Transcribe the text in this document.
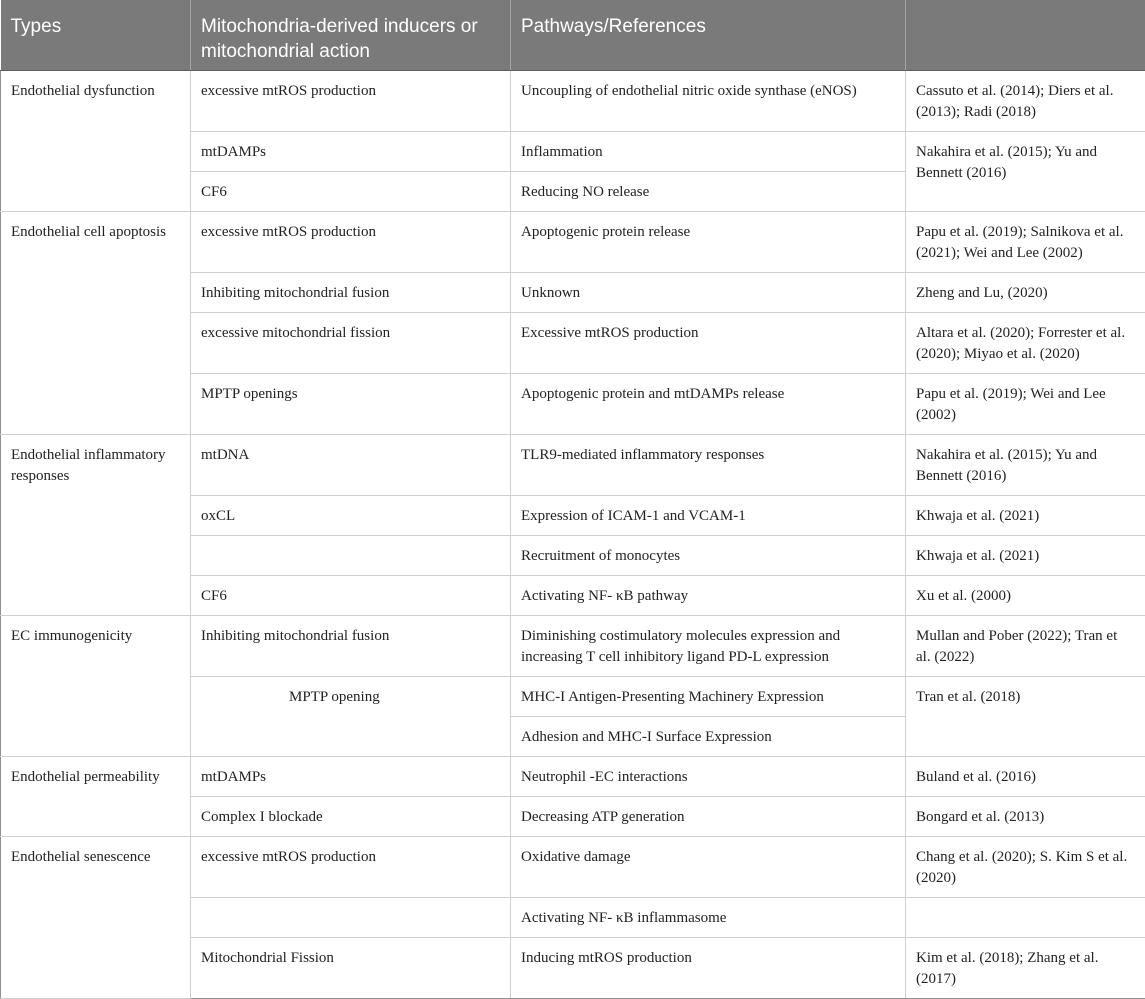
Types	Mitochondria-derived inducers or mitochondrial action	Pathways/References	
Endothelial dysfunction	excessive mtROS production	Uncoupling of endothelial nitric oxide synthase (eNOS)	Cassuto et al. (2014); Diers et al. (2013); Radi (2018)
	mtDAMPs	Inflammation	Nakahira et al. (2015); Yu and Bennett (2016)
	CF6	Reducing NO release	
Endothelial cell apoptosis	excessive mtROS production	Apoptogenic protein release	Papu et al. (2019); Salnikova et al. (2021); Wei and Lee (2002)
	Inhibiting mitochondrial fusion	Unknown	Zheng and Lu, (2020)
	excessive mitochondrial fission	Excessive mtROS production	Altara et al. (2020); Forrester et al. (2020); Miyao et al. (2020)
	MPTP openings	Apoptogenic protein and mtDAMPs release	Papu et al. (2019); Wei and Lee (2002)
Endothelial inflammatory responses	mtDNA	TLR9-mediated inflammatory responses	Nakahira et al. (2015); Yu and Bennett (2016)
	oxCL	Expression of ICAM-1 and VCAM-1	Khwaja et al. (2021)
		Recruitment of monocytes	Khwaja et al. (2021)
	CF6	Activating NF- κB pathway	Xu et al. (2000)
EC immunogenicity	Inhibiting mitochondrial fusion	Diminishing costimulatory molecules expression and increasing T cell inhibitory ligand PD-L expression	Mullan and Pober (2022); Tran et al. (2022)
	MPTP opening	MHC-I Antigen-Presenting Machinery Expression	Tran et al. (2018)
		Adhesion and MHC-I Surface Expression	
Endothelial permeability	mtDAMPs	Neutrophil -EC interactions	Buland et al. (2016)
	Complex I blockade	Decreasing ATP generation	Bongard et al. (2013)
Endothelial senescence	excessive mtROS production	Oxidative damage	Chang et al. (2020); S. Kim S et al. (2020)
		Activating NF- κB inflammasome	
	Mitochondrial Fission	Inducing mtROS production	Kim et al. (2018); Zhang et al. (2017)
